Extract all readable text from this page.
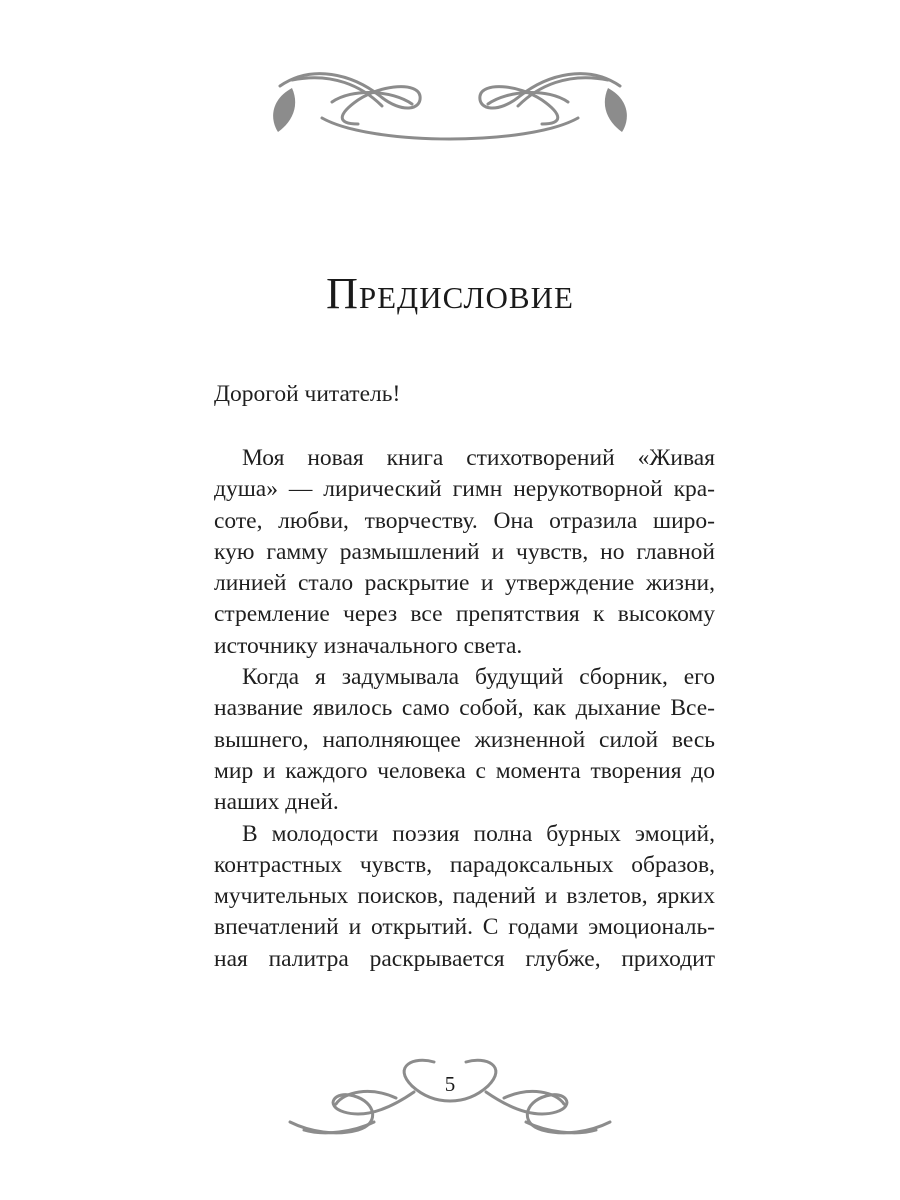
Предисловие

Дорогой читатель!

Моя новая книга стихотворений «Живая
душа» — лирический гимн нерукотворной кра-
соте, любви, творчеству. Она отразила широ-
кую гамму размышлений и чувств, но главной
линией стало раскрытие и утверждение жизни,
стремление через все препятствия к высокому
источнику изначального света.

Когда я задумывала будущий сборник, его
название явилось само собой, как дыхание Все-
вышнего, наполняющее жизненной силой весь
мир и каждого человека с момента творения до
наших дней.

В молодости поэзия полна бурных эмоций,
контрастных чувств, парадоксальных образов,
мучительных поисков, падений и взлетов, ярких
впечатлений и открытий. С годами эмоциональ-
ная палитра раскрывается глубже, приходит

5
